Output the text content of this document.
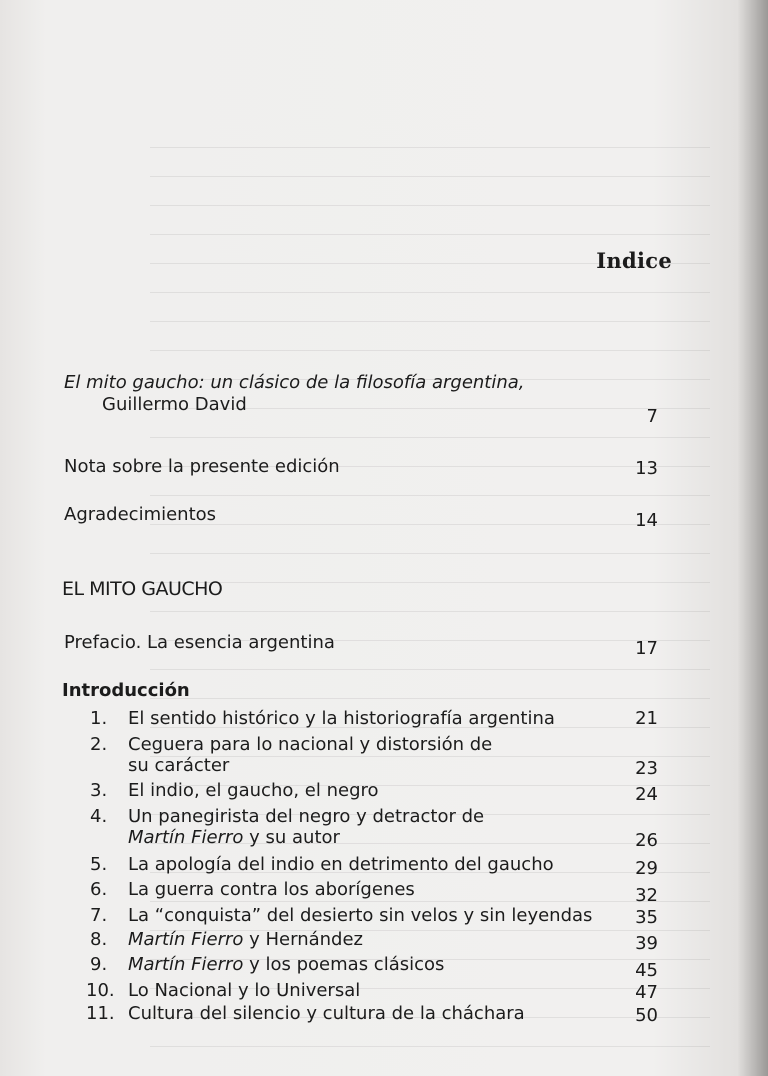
Indice
El mito gaucho: un clásico de la filosofía argentina,
Guillermo David
7
Nota sobre la presente edición	13
Agradecimientos	14
EL MITO GAUCHO
Prefacio. La esencia argentina	17
Introducción
1. El sentido histórico y la historiografía argentina	21
2. Ceguera para lo nacional y distorsión de
su carácter	23
3. El indio, el gaucho, el negro	24
4. Un panegirista del negro y detractor de
Martín Fierro y su autor	26
5. La apología del indio en detrimento del gaucho	29
6. La guerra contra los aborígenes	32
7. La “conquista” del desierto sin velos y sin leyendas 35
8. Martín Fierro y Hernández	39
9. Martín Fierro y los poemas clásicos	45
10. Lo Nacional y lo Universal	47
11. Cultura del silencio y cultura de la cháchara	50
